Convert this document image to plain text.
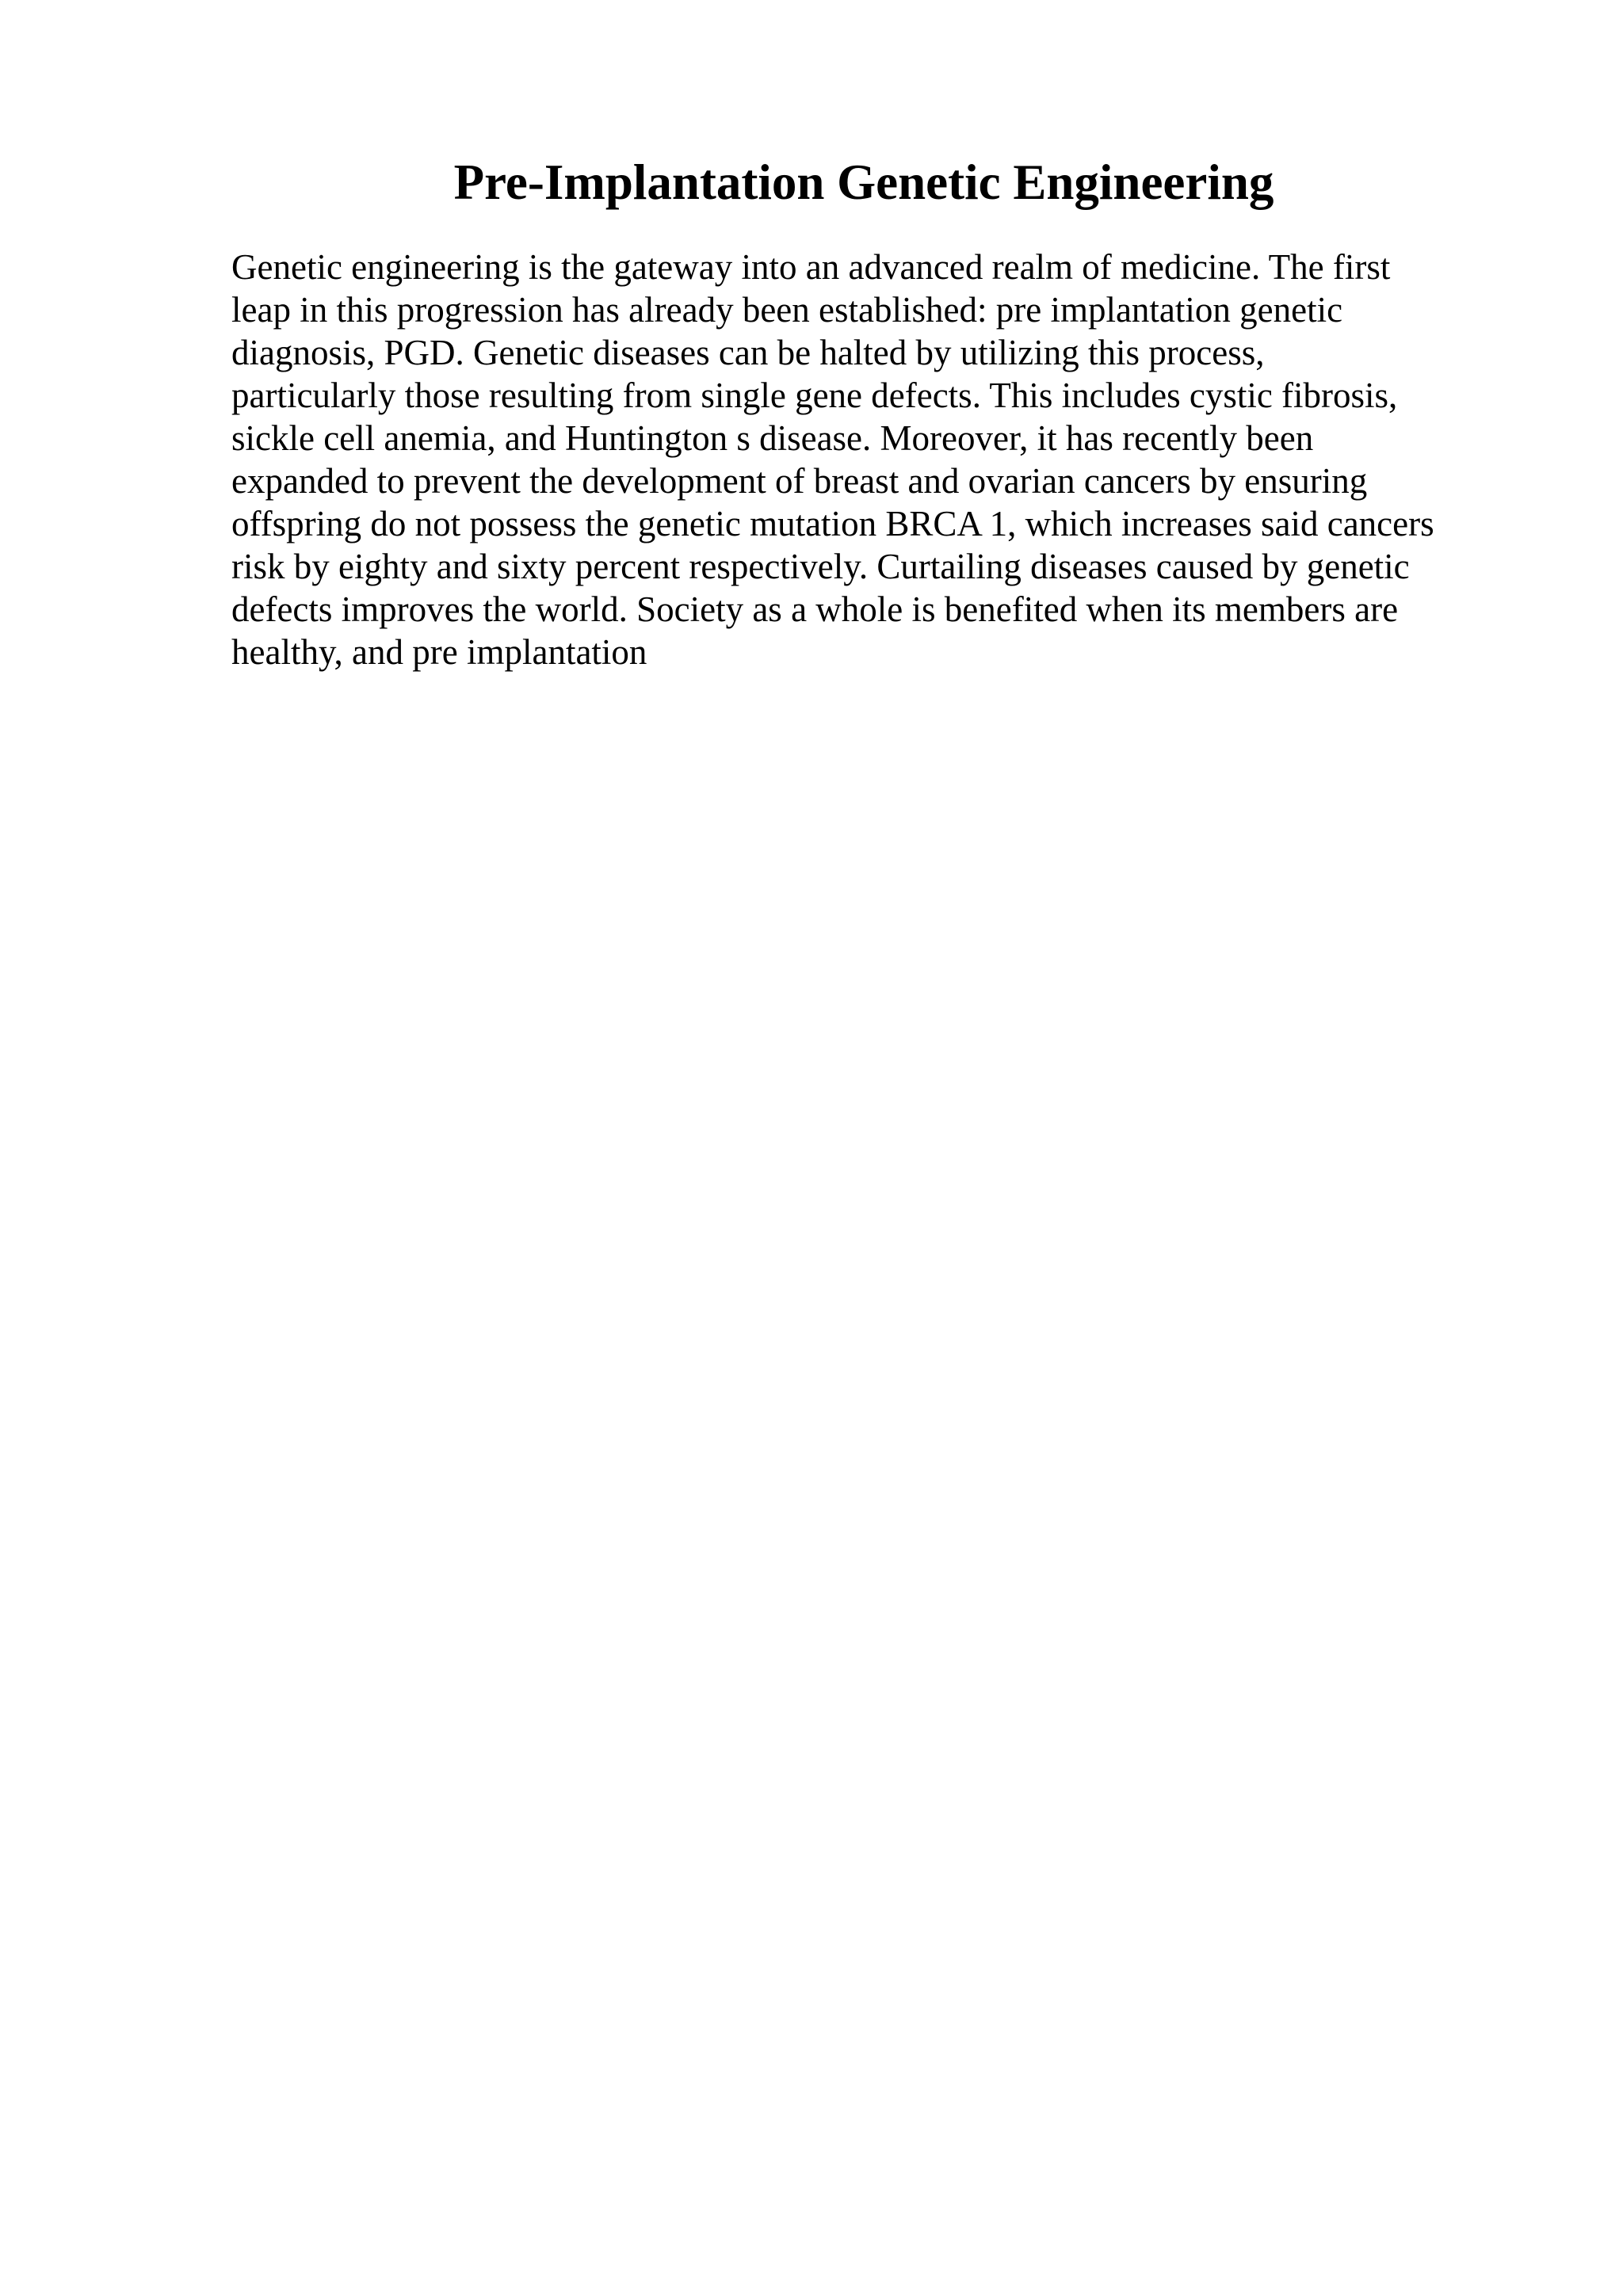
Pre-Implantation Genetic Engineering
Genetic engineering is the gateway into an advanced realm of medicine. The first
leap in this progression has already been established: pre implantation genetic
diagnosis, PGD. Genetic diseases can be halted by utilizing this process,
particularly those resulting from single gene defects. This includes cystic fibrosis,
sickle cell anemia, and Huntington s disease. Moreover, it has recently been
expanded to prevent the development of breast and ovarian cancers by ensuring
offspring do not possess the genetic mutation BRCA 1, which increases said cancers
risk by eighty and sixty percent respectively. Curtailing diseases caused by genetic
defects improves the world. Society as a whole is benefited when its members are
healthy, and pre implantation
